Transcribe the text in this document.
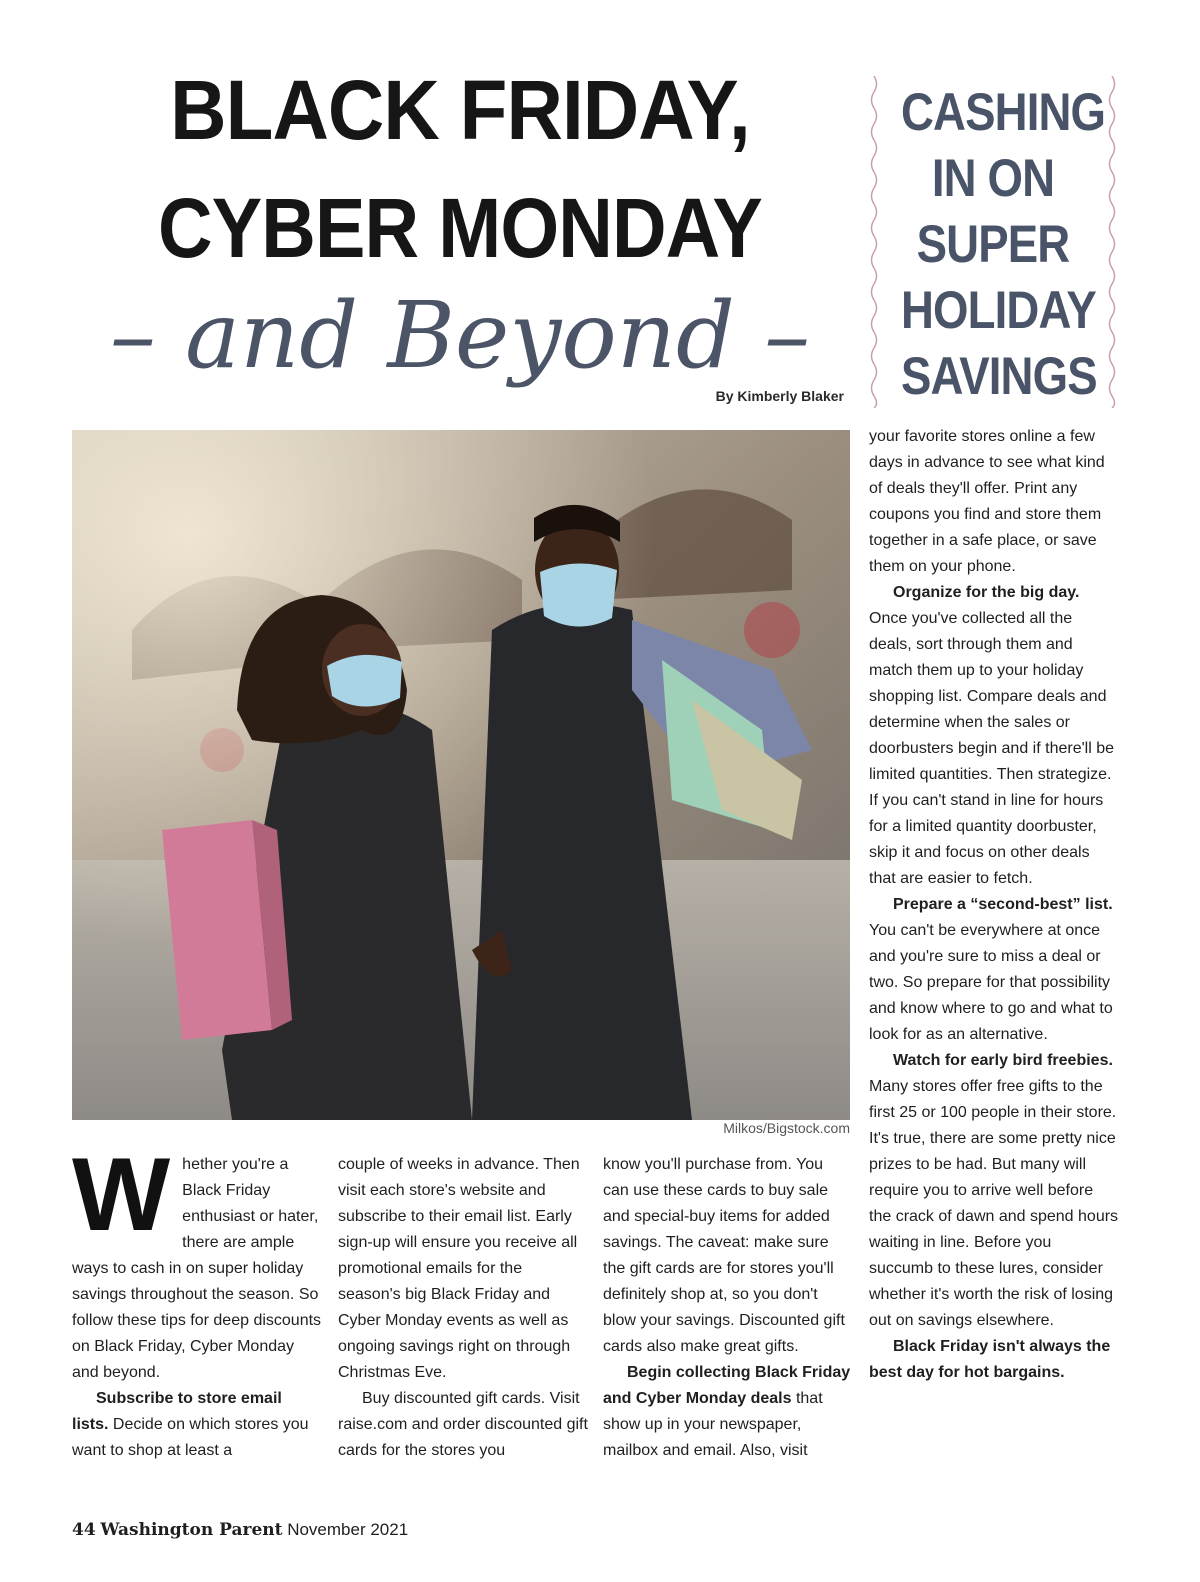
BLACK FRIDAY,
CYBER MONDAY
– and Beyond –
By Kimberly Blaker
CASHING
IN ON
SUPER
HOLIDAY
SAVINGS
Milkos/Bigstock.com

Whether you're a Black Friday enthusiast or hater, there are ample ways to cash in on super holiday savings throughout the season. So follow these tips for deep discounts on Black Friday, Cyber Monday and beyond.

Subscribe to store email lists. Decide on which stores you want to shop at least a

couple of weeks in advance. Then visit each store's website and subscribe to their email list. Early sign-up will ensure you receive all promotional emails for the season's big Black Friday and Cyber Monday events as well as ongoing savings right on through Christmas Eve.

Buy discounted gift cards. Visit raise.com and order discounted gift cards for the stores you

know you'll purchase from. You can use these cards to buy sale and special-buy items for added savings. The caveat: make sure the gift cards are for stores you'll definitely shop at, so you don't blow your savings. Discounted gift cards also make great gifts.

Begin collecting Black Friday and Cyber Monday deals that show up in your newspaper, mailbox and email. Also, visit

your favorite stores online a few days in advance to see what kind of deals they'll offer. Print any coupons you find and store them together in a safe place, or save them on your phone.

Organize for the big day. Once you've collected all the deals, sort through them and match them up to your holiday shopping list. Compare deals and determine when the sales or doorbusters begin and if there'll be limited quantities. Then strategize. If you can't stand in line for hours for a limited quantity doorbuster, skip it and focus on other deals that are easier to fetch.

Prepare a “second-best” list. You can't be everywhere at once and you're sure to miss a deal or two. So prepare for that possibility and know where to go and what to look for as an alternative.

Watch for early bird freebies. Many stores offer free gifts to the first 25 or 100 people in their store. It's true, there are some pretty nice prizes to be had. But many will require you to arrive well before the crack of dawn and spend hours waiting in line. Before you succumb to these lures, consider whether it's worth the risk of losing out on savings elsewhere.

Black Friday isn't always the best day for hot bargains.

44 Washington Parent November 2021
